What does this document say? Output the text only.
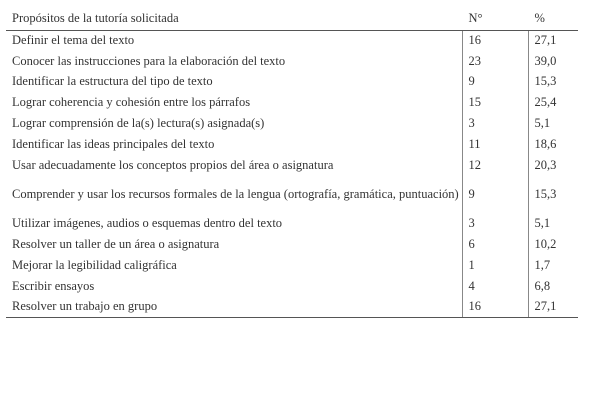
Propósitos de la tutoría solicitada	N°	%
Definir el tema del texto	16	27,1
Conocer las instrucciones para la elaboración del texto	23	39,0
Identificar la estructura del tipo de texto	9	15,3
Lograr coherencia y cohesión entre los párrafos	15	25,4
Lograr comprensión de la(s) lectura(s) asignada(s)	3	5,1
Identificar las ideas principales del texto	11	18,6
Usar adecuadamente los conceptos propios del área o asignatura	12	20,3
Comprender y usar los recursos formales de la lengua (ortografía, gramática, puntuación)	9	15,3
Utilizar imágenes, audios o esquemas dentro del texto	3	5,1
Resolver un taller de un área o asignatura	6	10,2
Mejorar la legibilidad caligráfica	1	1,7
Escribir ensayos	4	6,8
Resolver un trabajo en grupo	16	27,1
